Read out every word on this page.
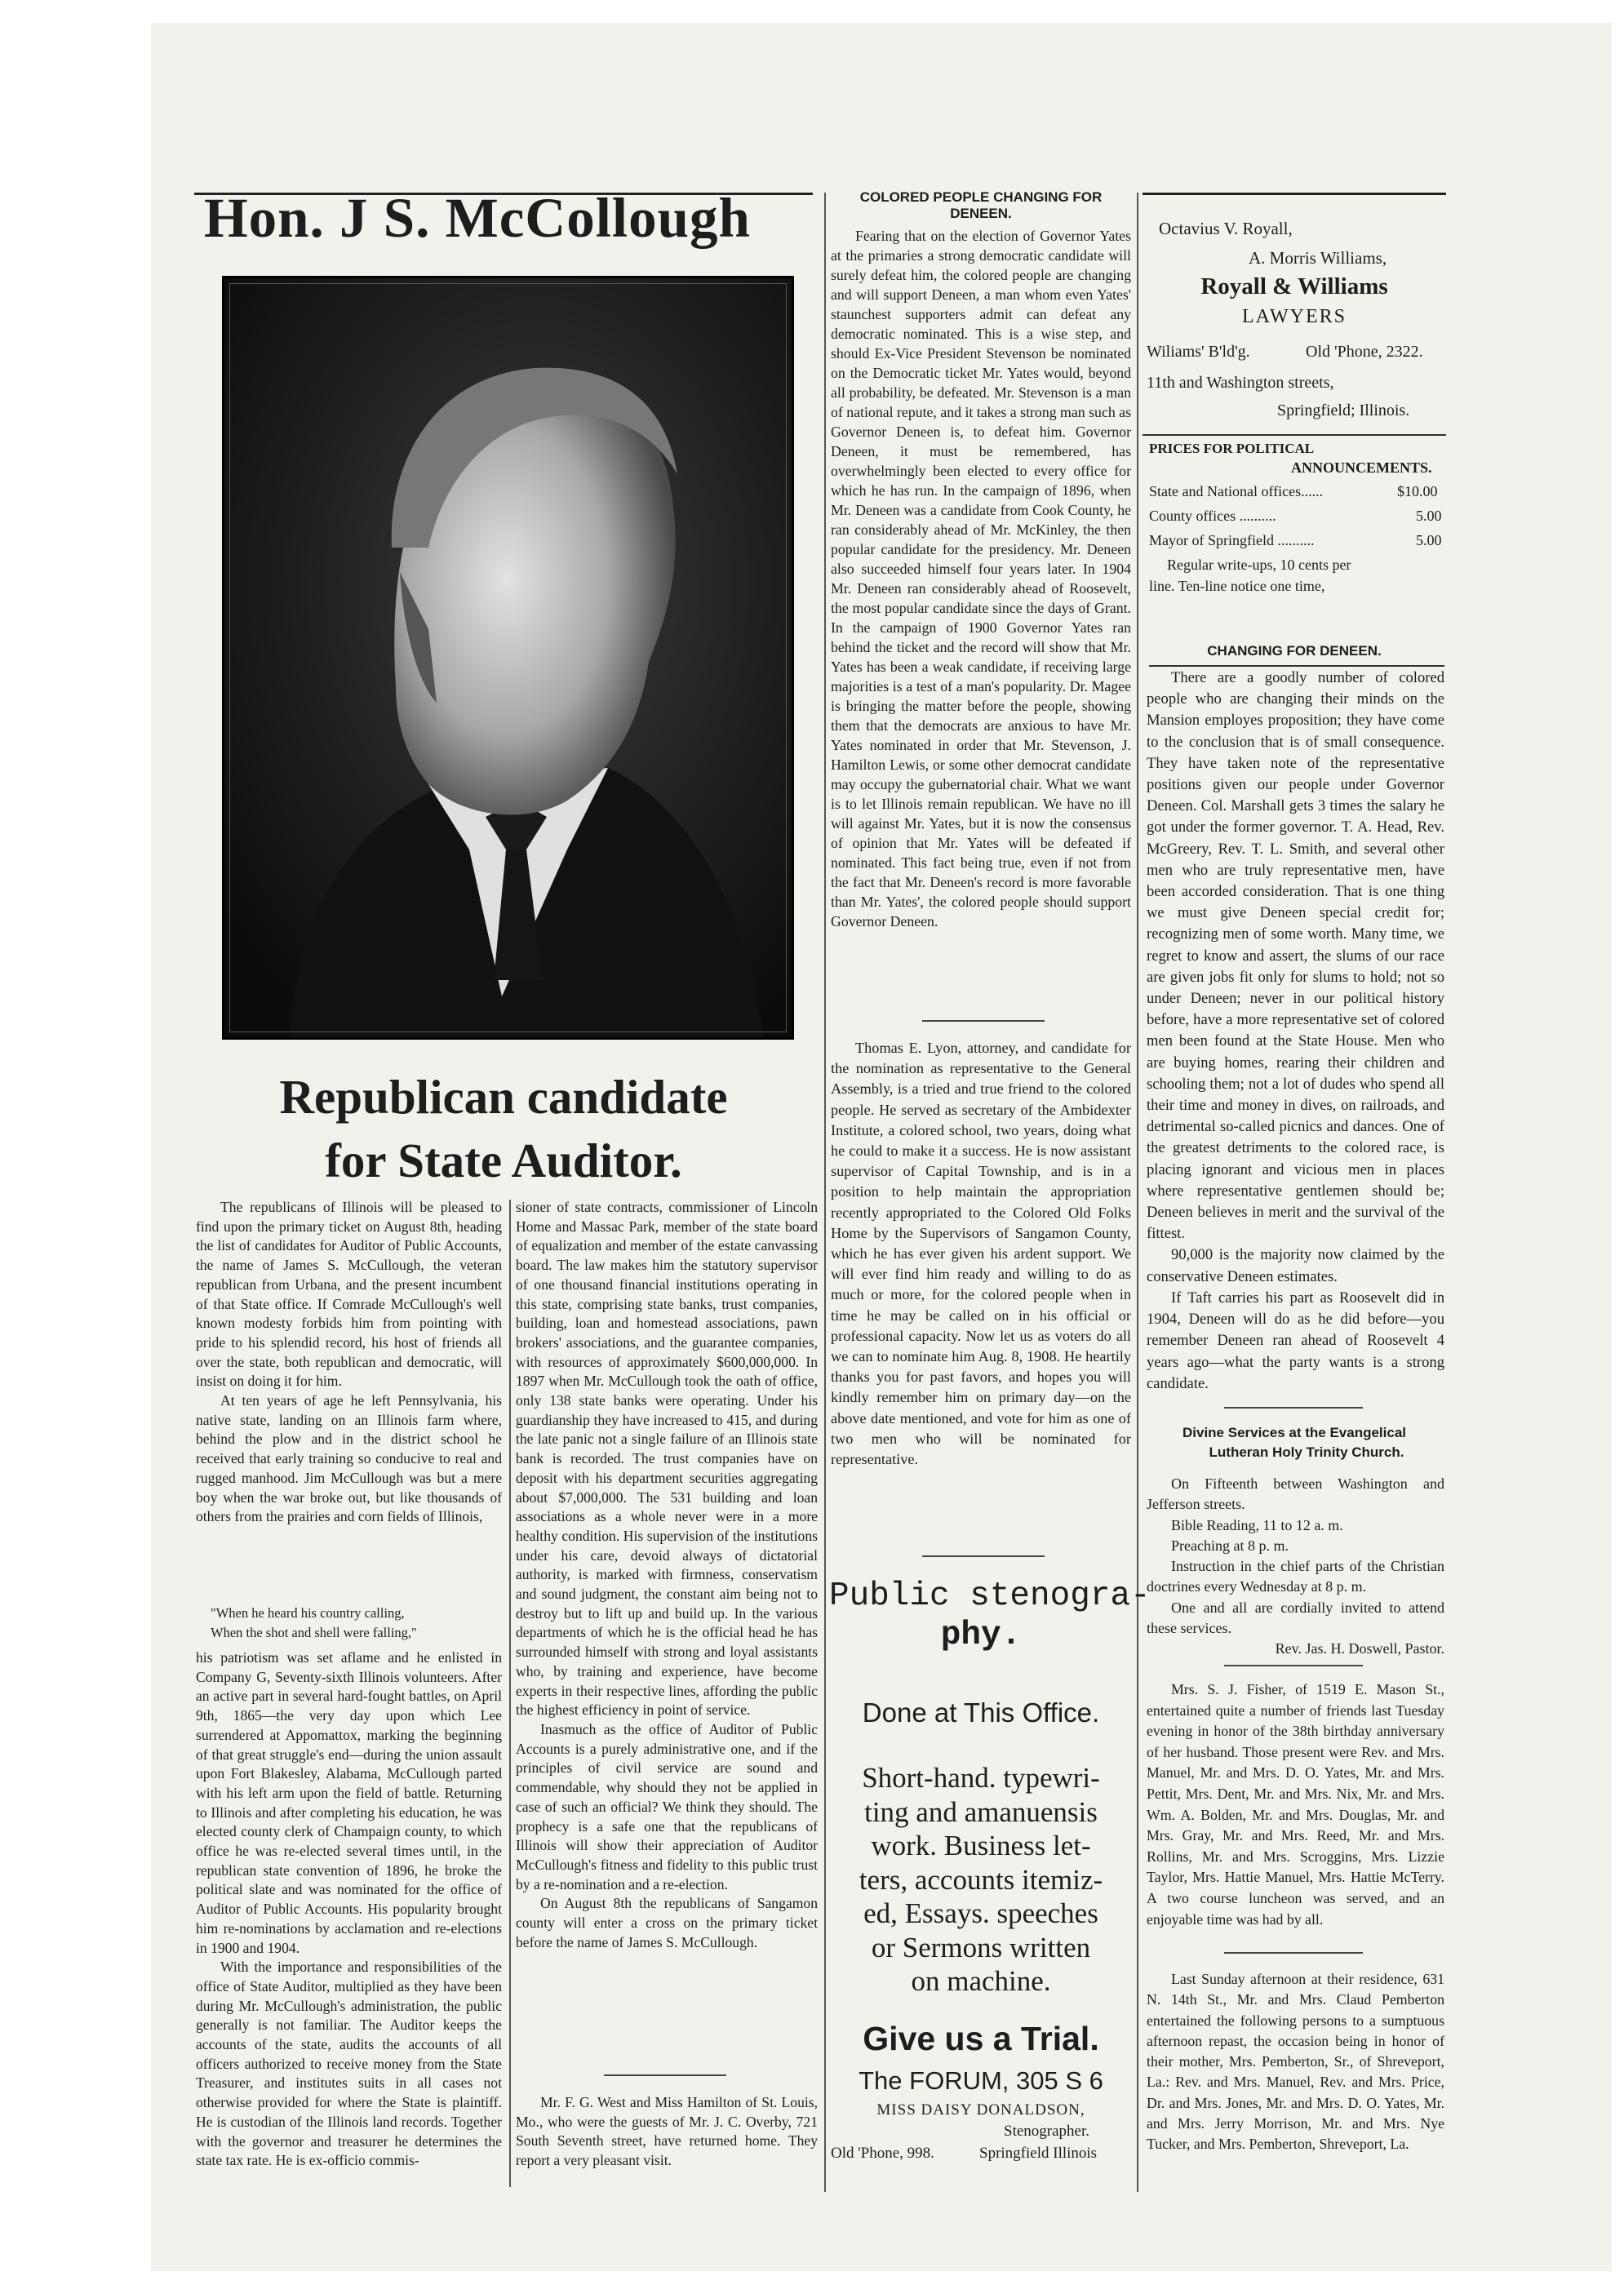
Hon. J S. McCollough
Republican candidate
for State Auditor.

The republicans of Illinois will be pleased to find upon the primary ticket on August 8th, heading the list of candidates for Auditor of Public Accounts, the name of James S. McCullough, the veteran republican from Urbana, and the present incumbent of that State office. If Comrade McCullough's well known modesty forbids him from pointing with pride to his splendid record, his host of friends all over the state, both republican and democratic, will insist on doing it for him.

At ten years of age he left Pennsylvania, his native state, landing on an Illinois farm where, behind the plow and in the district school he received that early training so conducive to real and rugged manhood. Jim McCullough was but a mere boy when the war broke out, but like thousands of others from the prairies and corn fields of Illinois,

"When he heard his country calling,

When the shot and shell were falling,"

his patriotism was set aflame and he enlisted in Company G, Seventy-sixth Illinois volunteers. After an active part in several hard-fought battles, on April 9th, 1865—the very day upon which Lee surrendered at Appomattox, marking the beginning of that great struggle's end—during the union assault upon Fort Blakesley, Alabama, McCullough parted with his left arm upon the field of battle. Returning to Illinois and after completing his education, he was elected county clerk of Champaign county, to which office he was re-elected several times until, in the republican state convention of 1896, he broke the political slate and was nominated for the office of Auditor of Public Accounts. His popularity brought him re-nominations by acclamation and re-elections in 1900 and 1904.

With the importance and responsibilities of the office of State Auditor, multiplied as they have been during Mr. McCullough's administration, the public generally is not familiar. The Auditor keeps the accounts of the state, audits the accounts of all officers authorized to receive money from the State Treasurer, and institutes suits in all cases not otherwise provided for where the State is plaintiff. He is custodian of the Illinois land records. Together with the governor and treasurer he determines the state tax rate. He is ex-officio commis-

sioner of state contracts, commissioner of Lincoln Home and Massac Park, member of the state board of equalization and member of the estate canvassing board. The law makes him the statutory supervisor of one thousand financial institutions operating in this state, comprising state banks, trust companies, building, loan and homestead associations, pawn brokers' associations, and the guarantee companies, with resources of approximately $600,000,000. In 1897 when Mr. McCullough took the oath of office, only 138 state banks were operating. Under his guardianship they have increased to 415, and during the late panic not a single failure of an Illinois state bank is recorded. The trust companies have on deposit with his department securities aggregating about $7,000,000. The 531 building and loan associations as a whole never were in a more healthy condition. His supervision of the institutions under his care, devoid always of dictatorial authority, is marked with firmness, conservatism and sound judgment, the constant aim being not to destroy but to lift up and build up. In the various departments of which he is the official head he has surrounded himself with strong and loyal assistants who, by training and experience, have become experts in their respective lines, affording the public the highest efficiency in point of service.

Inasmuch as the office of Auditor of Public Accounts is a purely administrative one, and if the principles of civil service are sound and commendable, why should they not be applied in case of such an official? We think they should. The prophecy is a safe one that the republicans of Illinois will show their appreciation of Auditor McCullough's fitness and fidelity to this public trust by a re-nomination and a re-election.

On August 8th the republicans of Sangamon county will enter a cross on the primary ticket before the name of James S. McCullough.

Mr. F. G. West and Miss Hamilton of St. Louis, Mo., who were the guests of Mr. J. C. Overby, 721 South Seventh street, have returned home. They report a very pleasant visit.

COLORED PEOPLE CHANGING FOR DENEEN.

Fearing that on the election of Governor Yates at the primaries a strong democratic candidate will surely defeat him, the colored people are changing and will support Deneen, a man whom even Yates' staunchest supporters admit can defeat any democratic nominated. This is a wise step, and should Ex-Vice President Stevenson be nominated on the Democratic ticket Mr. Yates would, beyond all probability, be defeated. Mr. Stevenson is a man of national repute, and it takes a strong man such as Governor Deneen is, to defeat him. Governor Deneen, it must be remembered, has overwhelmingly been elected to every office for which he has run. In the campaign of 1896, when Mr. Deneen was a candidate from Cook County, he ran considerably ahead of Mr. McKinley, the then popular candidate for the presidency. Mr. Deneen also succeeded himself four years later. In 1904 Mr. Deneen ran considerably ahead of Roosevelt, the most popular candidate since the days of Grant. In the campaign of 1900 Governor Yates ran behind the ticket and the record will show that Mr. Yates has been a weak candidate, if receiving large majorities is a test of a man's popularity. Dr. Magee is bringing the matter before the people, showing them that the democrats are anxious to have Mr. Yates nominated in order that Mr. Stevenson, J. Hamilton Lewis, or some other democrat candidate may occupy the gubernatorial chair. What we want is to let Illinois remain republican. We have no ill will against Mr. Yates, but it is now the consensus of opinion that Mr. Yates will be defeated if nominated. This fact being true, even if not from the fact that Mr. Deneen's record is more favorable than Mr. Yates', the colored people should support Governor Deneen.

Thomas E. Lyon, attorney, and candidate for the nomination as representative to the General Assembly, is a tried and true friend to the colored people. He served as secretary of the Ambidexter Institute, a colored school, two years, doing what he could to make it a success. He is now assistant supervisor of Capital Township, and is in a position to help maintain the appropriation recently appropriated to the Colored Old Folks Home by the Supervisors of Sangamon County, which he has ever given his ardent support. We will ever find him ready and willing to do as much or more, for the colored people when in time he may be called on in his official or professional capacity. Now let us as voters do all we can to nominate him Aug. 8, 1908. He heartily thanks you for past favors, and hopes you will kindly remember him on primary day—on the above date mentioned, and vote for him as one of two men who will be nominated for representative.

Public stenogra-
phy.
Done at This Office.
Short-hand. typewri-
ting and amanuensis
work. Business let-
ters, accounts itemiz-
ed, Essays. speeches
or Sermons written
on machine.
Give us a Trial.
The FORUM, 305 S 6
MISS DAISY DONALDSON,
Stenographer.
Old 'Phone, 998.	Springfield Illinois
Octavius V. Royall,
A. Morris Williams,
Royall & Williams
LAWYERS
Wiliams' B'ld'g.	Old 'Phone, 2322.
11th and Washington streets,
Springfield; Illinois.
PRICES FOR POLITICAL
ANNOUNCEMENTS.
State and National offices......	$10.00
County offices ..........	5.00
Mayor of Springfield ..........	5.00
Regular write-ups, 10 cents per
line. Ten-line notice one time,
CHANGING FOR DENEEN.

There are a goodly number of colored people who are changing their minds on the Mansion employes proposition; they have come to the conclusion that is of small consequence. They have taken note of the representative positions given our people under Governor Deneen. Col. Marshall gets 3 times the salary he got under the former governor. T. A. Head, Rev. McGreery, Rev. T. L. Smith, and several other men who are truly representative men, have been accorded consideration. That is one thing we must give Deneen special credit for; recognizing men of some worth. Many time, we regret to know and assert, the slums of our race are given jobs fit only for slums to hold; not so under Deneen; never in our political history before, have a more representative set of colored men been found at the State House. Men who are buying homes, rearing their children and schooling them; not a lot of dudes who spend all their time and money in dives, on railroads, and detrimental so-called picnics and dances. One of the greatest detriments to the colored race, is placing ignorant and vicious men in places where representative gentlemen should be; Deneen believes in merit and the survival of the fittest.

90,000 is the majority now claimed by the conservative Deneen estimates.

If Taft carries his part as Roosevelt did in 1904, Deneen will do as he did before—you remember Deneen ran ahead of Roosevelt 4 years ago—what the party wants is a strong candidate.

Divine Services at the Evangelical
Lutheran Holy Trinity Church.

On Fifteenth between Washington and Jefferson streets.

Bible Reading, 11 to 12 a. m.

Preaching at 8 p. m.

Instruction in the chief parts of the Christian doctrines every Wednesday at 8 p. m.

One and all are cordially invited to attend these services.

Rev. Jas. H. Doswell, Pastor.

Mrs. S. J. Fisher, of 1519 E. Mason St., entertained quite a number of friends last Tuesday evening in honor of the 38th birthday anniversary of her husband. Those present were Rev. and Mrs. Manuel, Mr. and Mrs. D. O. Yates, Mr. and Mrs. Pettit, Mrs. Dent, Mr. and Mrs. Nix, Mr. and Mrs. Wm. A. Bolden, Mr. and Mrs. Douglas, Mr. and Mrs. Gray, Mr. and Mrs. Reed, Mr. and Mrs. Rollins, Mr. and Mrs. Scroggins, Mrs. Lizzie Taylor, Mrs. Hattie Manuel, Mrs. Hattie McTerry. A two course luncheon was served, and an enjoyable time was had by all.

Last Sunday afternoon at their residence, 631 N. 14th St., Mr. and Mrs. Claud Pemberton entertained the following persons to a sumptuous afternoon repast, the occasion being in honor of their mother, Mrs. Pemberton, Sr., of Shreveport, La.: Rev. and Mrs. Manuel, Rev. and Mrs. Price, Dr. and Mrs. Jones, Mr. and Mrs. D. O. Yates, Mr. and Mrs. Jerry Morrison, Mr. and Mrs. Nye Tucker, and Mrs. Pemberton, Shreveport, La.
